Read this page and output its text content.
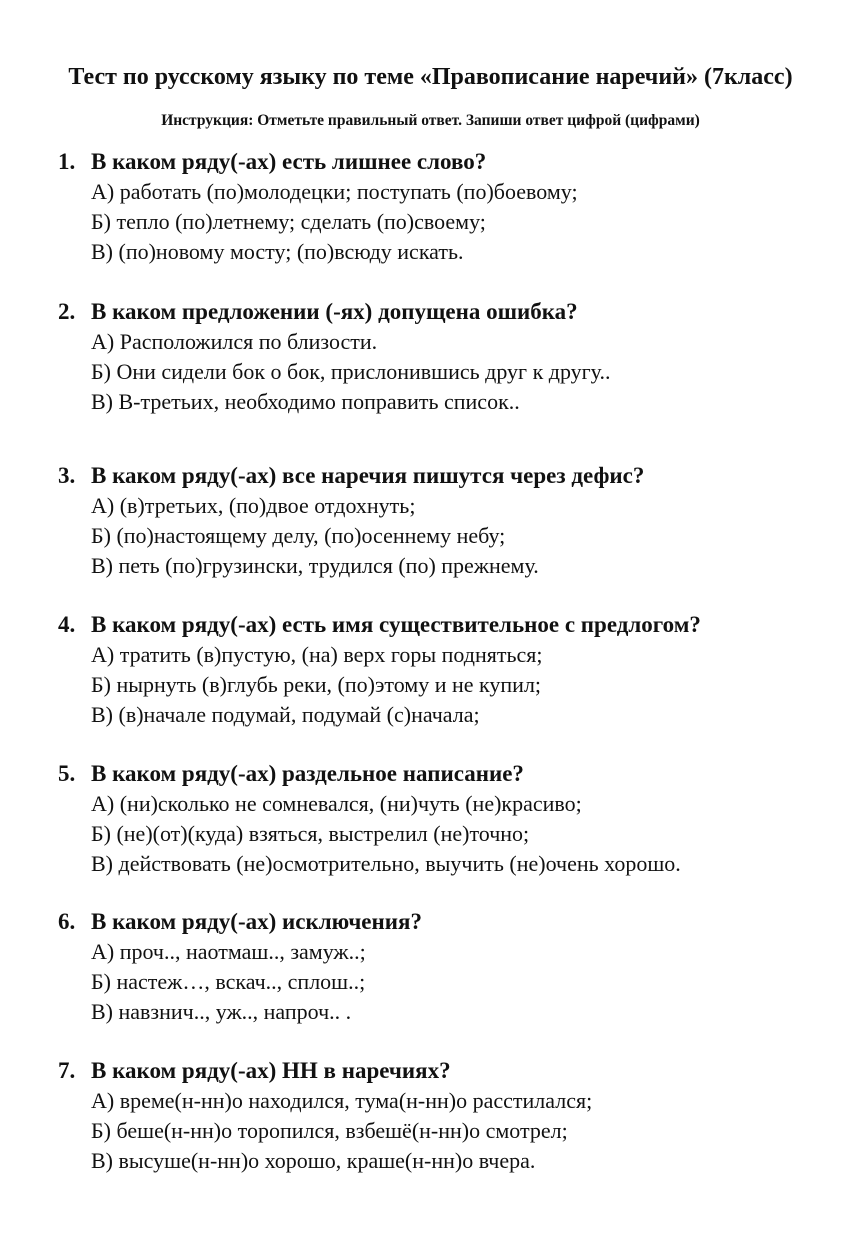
Тест по русскому языку по теме «Правописание наречий» (7класс)
Инструкция: Отметьте правильный ответ. Запиши ответ цифрой (цифрами)
1. В каком ряду(-ах) есть лишнее слово?
А) работать (по)молодецки; поступать (по)боевому;
Б) тепло (по)летнему; сделать (по)своему;
В) (по)новому мосту; (по)всюду искать.
2. В каком предложении (-ях) допущена ошибка?
А) Расположился по близости.
Б) Они сидели бок о бок, прислонившись друг к другу..
В) В-третьих, необходимо поправить список..
3. В каком ряду(-ах) все наречия пишутся через дефис?
А) (в)третьих, (по)двое отдохнуть;
Б) (по)настоящему делу, (по)осеннему небу;
В) петь (по)грузински, трудился (по) прежнему.
4. В каком ряду(-ах) есть имя существительное с предлогом?
А) тратить (в)пустую, (на) верх горы подняться;
Б) нырнуть (в)глубь реки, (по)этому и не купил;
В) (в)начале подумай, подумай (с)начала;
5. В каком ряду(-ах) раздельное написание?
А) (ни)сколько не сомневался, (ни)чуть (не)красиво;
Б) (не)(от)(куда) взяться, выстрелил (не)точно;
В) действовать (не)осмотрительно, выучить (не)очень хорошо.
6. В каком ряду(-ах) исключения?
А) проч.., наотмаш.., замуж..;
Б) настеж…, вскач.., сплош..;
В) навзнич.., уж.., напроч.. .
7. В каком ряду(-ах) НН в наречиях?
А) време(н-нн)о находился, тума(н-нн)о расстилался;
Б) беше(н-нн)о торопился, взбешё(н-нн)о смотрел;
В) высуше(н-нн)о хорошо, краше(н-нн)о вчера.
